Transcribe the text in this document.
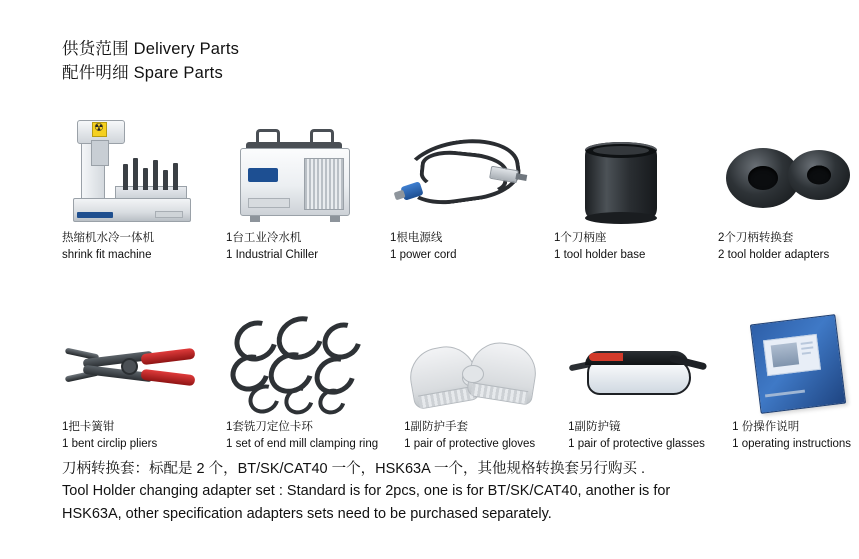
供货范围 Delivery Parts
配件明细 Spare Parts
☢
热缩机水冷一体机
shrink fit machine
1台工业冷水机
1 Industrial Chiller
1根电源线
1 power cord
1个刀柄座
1 tool holder base
2个刀柄转换套
2 tool holder adapters
1把卡簧钳
1 bent circlip pliers
1套铣刀定位卡环
1 set of end mill clamping ring
1副防护手套
1 pair of protective gloves
1副防护镜
1 pair of protective glasses
1 份操作说明
1 operating instructions
刀柄转换套：标配是 2 个，BT/SK/CAT40 一个，HSK63A 一个，其他规格转换套另行购买 .
Tool Holder changing adapter set : Standard is for 2pcs, one is for BT/SK/CAT40, another is for
HSK63A, other specification adapters sets need to be purchased separately.
